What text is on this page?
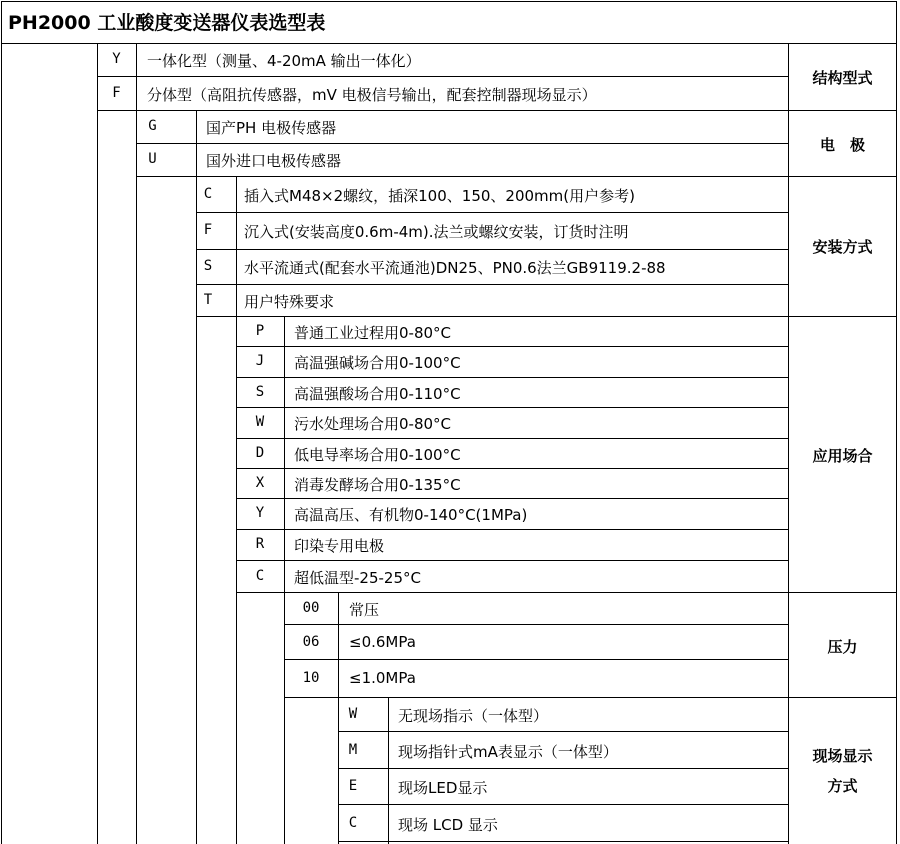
PH2000 工业酸度变送器仪表选型表
Y	一体化型（测量、4-20mA 输出一体化）
F	分体型（高阻抗传感器，mV 电极信号输出，配套控制器现场显示）
结构型式
G	国产PH 电极传感器
U	国外进口电极传感器
电　极
C	插入式M48×2螺纹，插深100、150、200mm(用户参考)
F	沉入式(安装高度0.6m-4m).法兰或螺纹安装，订货时注明
S	水平流通式(配套水平流通池)DN25、PN0.6法兰GB9119.2-88
T	用户特殊要求
安装方式
P	普通工业过程用0-80°C
J	高温强碱场合用0-100°C
S	高温强酸场合用0-110°C
W	污水处理场合用0-80°C
D	低电导率场合用0-100°C
X	消毒发酵场合用0-135°C
Y	高温高压、有机物0-140°C(1MPa)
R	印染专用电极
C	超低温型-25-25°C
应用场合
00	常压
06	≤0.6MPa
10	≤1.0MPa
压力
W	无现场指示（一体型）
M	现场指针式mA表显示（一体型）
E	现场LED显示
C	现场 LCD 显示
现场显示
方式
